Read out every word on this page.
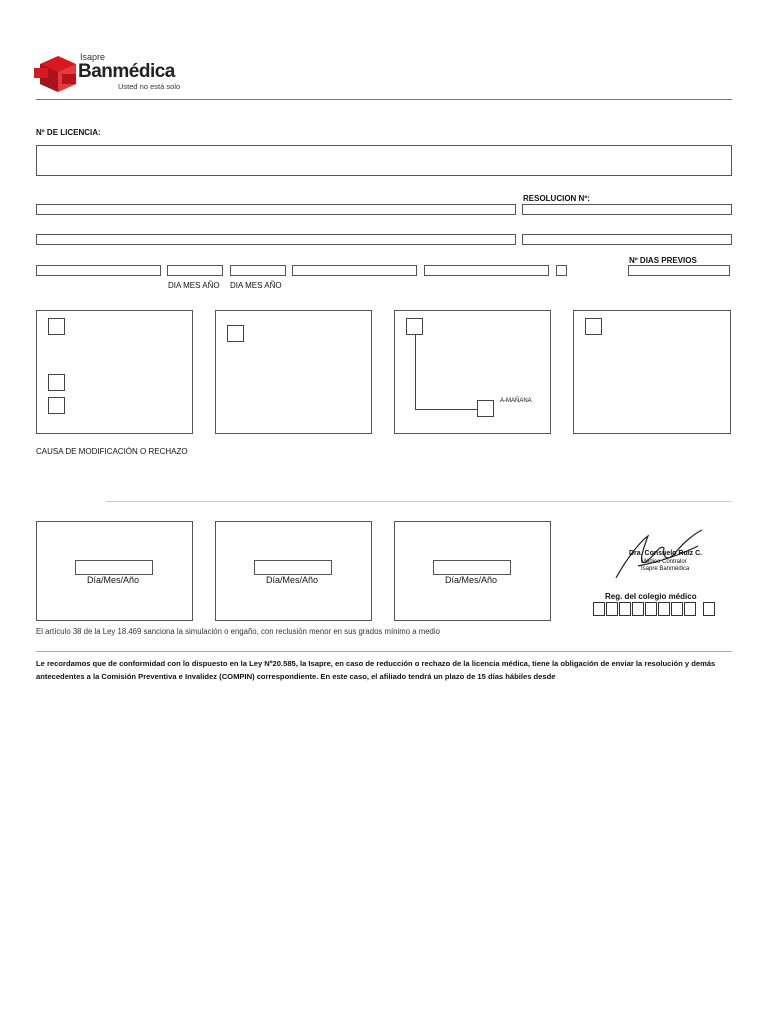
Isapre
Banmédica
Usted no está solo
Nº DE LICENCIA:
RESOLUCION Nº:
Nº DIAS PREVIOS
DIA MES AÑO DIA MES AÑO
A-MAÑANA
CAUSA DE MODIFICACIÓN O RECHAZO
Día/Mes/Año	Día/Mes/Año	Día/Mes/Año
Dra. Consuelo Ruiz C.
Médico Contralor
Isapre Banmédica
Reg. del colegio médico
El artículo 38 de la Ley 18.469 sanciona la simulación o engaño, con reclusión menor en sus grados mínimo a medio
Le recordamos que de conformidad con lo dispuesto en la Ley Nº20.585, la Isapre, en caso de reducción o rechazo de la licencia médica, tiene la obligación de enviar la resolución y demás antecedentes a la Comisión Preventiva e Invalidez (COMPIN) correspondiente. En este caso, el afiliado tendrá un plazo de 15 días hábiles desde
